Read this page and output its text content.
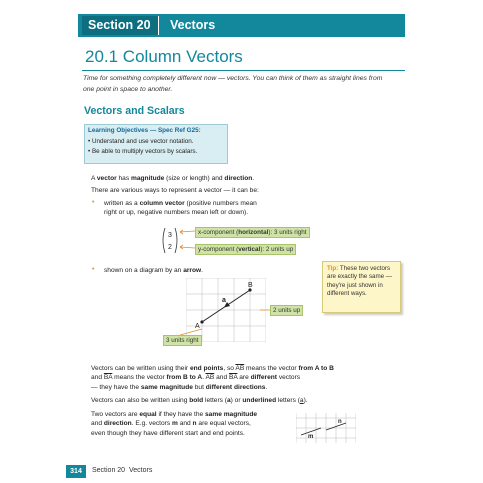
Section 20 Vectors
20.1 Column Vectors
Time for something completely different now — vectors. You can think of them as straight lines from one point in space to another.
Vectors and Scalars
Learning Objectives — Spec Ref G25:
• Understand and use vector notation.
• Be able to multiply vectors by scalars.
A vector has magnitude (size or length) and direction.
There are various ways to represent a vector — it can be:
• written as a column vector (positive numbers mean
right or up, negative numbers mean left or down).
3
2
x-component (horizontal): 3 units right
y-component (vertical): 2 units up
• shown on a diagram by an arrow.	Tip: These two vectors are exactly the same — they're just shown in different ways.
a
A
B
2 units up
3 units right
Vectors can be written using their end points, so $\overline{AB}$ means the vector from A to B
and $\overline{BA}$ means the vector from B to A. $\overline{AB}$ and $\overline{BA}$ are different vectors
— they have the same magnitude but different directions.
Vectors can also be written using bold letters (a) or underlined letters (a).
Two vectors are equal if they have the same magnitude
and direction. E.g. vectors m and n are equal vectors,
even though they have different start and end points.
m
n
314	Section 20 Vectors
